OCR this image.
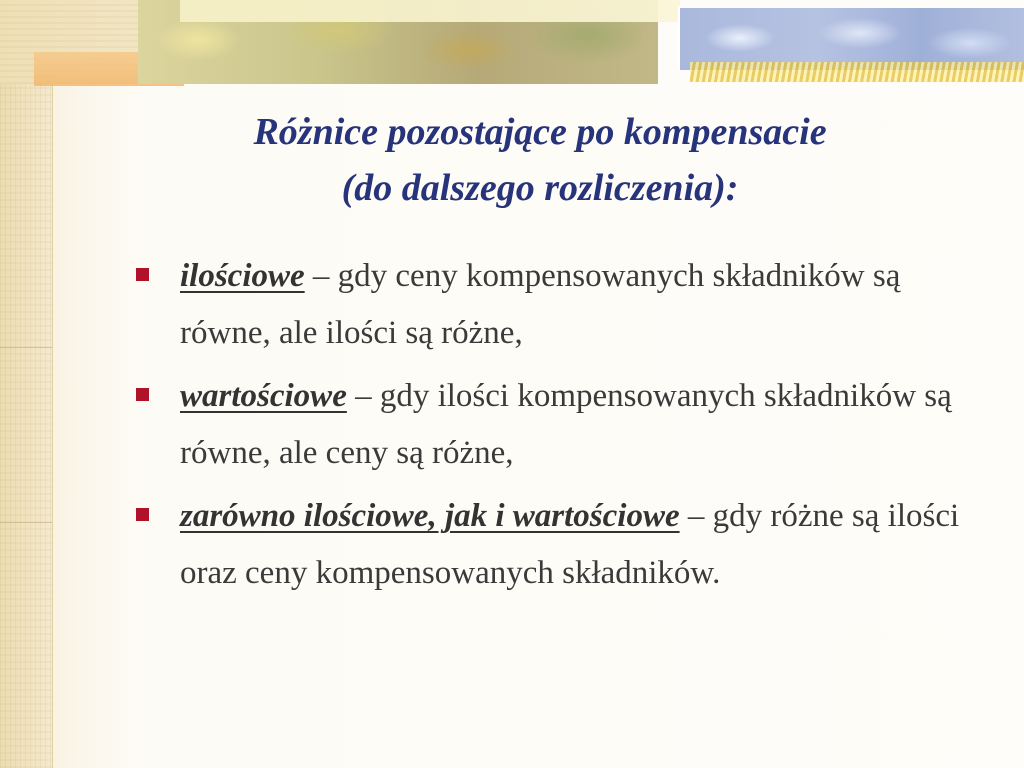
Różnice pozostające po kompensacie
(do dalszego rozliczenia):
ilościowe – gdy ceny kompensowanych składników są równe, ale ilości są różne,
wartościowe – gdy ilości kompensowanych składników są równe, ale ceny są różne,
zarówno ilościowe, jak i wartościowe – gdy różne są ilości oraz ceny kompensowanych składników.
